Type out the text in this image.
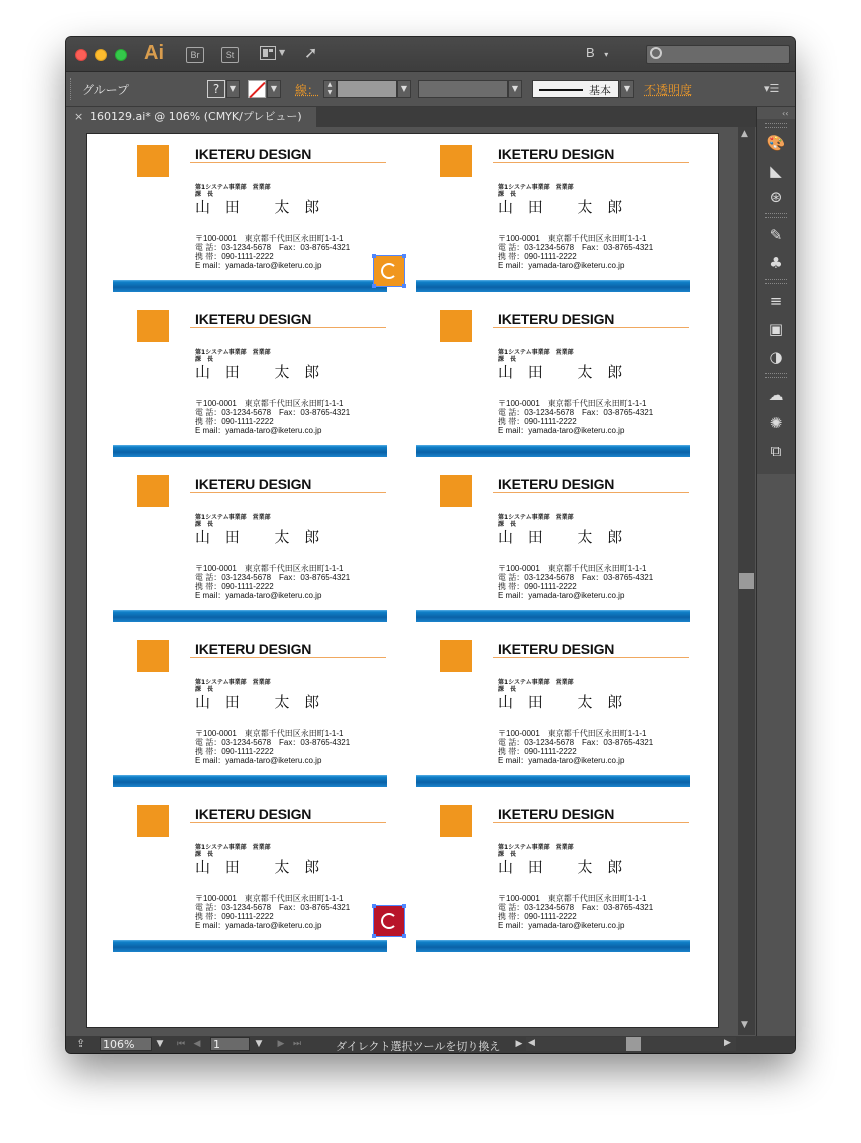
Ai	Br	St	▼ ➚	B ▾
グループ	?	▼	▼	線：	▲
▼	▼	▼	基本	▼	不透明度	▾☰
× 160129.ai* @ 106% (CMYK/プレビュー)
IKETERU DESIGN
第1システム事業部　営業部
課　長
山 田　 太 郎
〒100-0001　東京都千代田区永田町1-1-1
電 話：03-1234-5678　Fax：03-8765-4321
携 帯：090-1111-2222
E mail：yamada-taro@iketeru.co.jp
IKETERU DESIGN
第1システム事業部　営業部
課　長
山 田　 太 郎
〒100-0001　東京都千代田区永田町1-1-1
電 話：03-1234-5678　Fax：03-8765-4321
携 帯：090-1111-2222
E mail：yamada-taro@iketeru.co.jp
IKETERU DESIGN
第1システム事業部　営業部
課　長
山 田　 太 郎
〒100-0001　東京都千代田区永田町1-1-1
電 話：03-1234-5678　Fax：03-8765-4321
携 帯：090-1111-2222
E mail：yamada-taro@iketeru.co.jp
IKETERU DESIGN
第1システム事業部　営業部
課　長
山 田　 太 郎
〒100-0001　東京都千代田区永田町1-1-1
電 話：03-1234-5678　Fax：03-8765-4321
携 帯：090-1111-2222
E mail：yamada-taro@iketeru.co.jp
IKETERU DESIGN
第1システム事業部　営業部
課　長
山 田　 太 郎
〒100-0001　東京都千代田区永田町1-1-1
電 話：03-1234-5678　Fax：03-8765-4321
携 帯：090-1111-2222
E mail：yamada-taro@iketeru.co.jp
IKETERU DESIGN
第1システム事業部　営業部
課　長
山 田　 太 郎
〒100-0001　東京都千代田区永田町1-1-1
電 話：03-1234-5678　Fax：03-8765-4321
携 帯：090-1111-2222
E mail：yamada-taro@iketeru.co.jp
IKETERU DESIGN
第1システム事業部　営業部
課　長
山 田　 太 郎
〒100-0001　東京都千代田区永田町1-1-1
電 話：03-1234-5678　Fax：03-8765-4321
携 帯：090-1111-2222
E mail：yamada-taro@iketeru.co.jp
IKETERU DESIGN
第1システム事業部　営業部
課　長
山 田　 太 郎
〒100-0001　東京都千代田区永田町1-1-1
電 話：03-1234-5678　Fax：03-8765-4321
携 帯：090-1111-2222
E mail：yamada-taro@iketeru.co.jp
IKETERU DESIGN
第1システム事業部　営業部
課　長
山 田　 太 郎
〒100-0001　東京都千代田区永田町1-1-1
電 話：03-1234-5678　Fax：03-8765-4321
携 帯：090-1111-2222
E mail：yamada-taro@iketeru.co.jp
IKETERU DESIGN
第1システム事業部　営業部
課　長
山 田　 太 郎
〒100-0001　東京都千代田区永田町1-1-1
電 話：03-1234-5678　Fax：03-8765-4321
携 帯：090-1111-2222
E mail：yamada-taro@iketeru.co.jp
▲
▼
‹‹
🎨
◣
⊛
✎
♣
≡
▣
◑
☁
✺
⧉
⇪ 106%	▼	⏮ ◀	1	▼	▶ ⏭	ダイレクト選択ツールを切り換え	▶ ◀	▶
